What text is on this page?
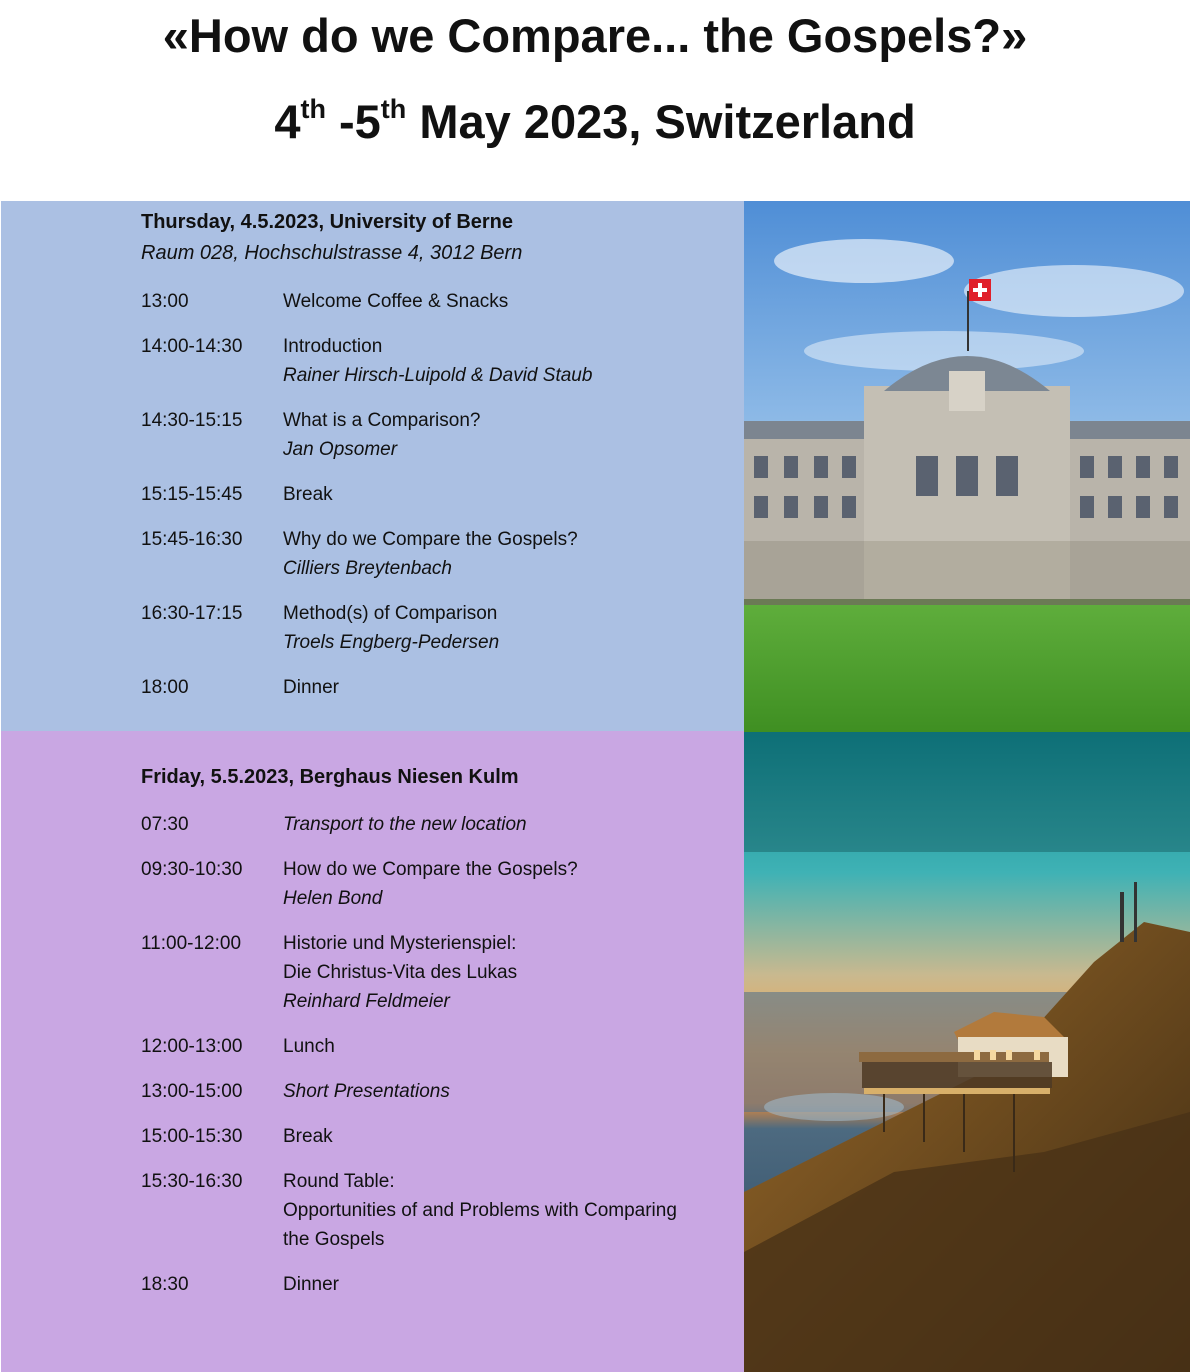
«How do we Compare... the Gospels?»
4th -5th May 2023, Switzerland
Thursday, 4.5.2023, University of Berne
Raum 028, Hochschulstrasse 4, 3012 Bern
13:00	Welcome Coffee & Snacks
14:00-14:30	Introduction
Rainer Hirsch-Luipold & David Staub
14:30-15:15	What is a Comparison?
Jan Opsomer
15:15-15:45	Break
15:45-16:30	Why do we Compare the Gospels?
Cilliers Breytenbach
16:30-17:15	Method(s) of Comparison
Troels Engberg-Pedersen
18:00	Dinner
Friday, 5.5.2023, Berghaus Niesen Kulm
07:30	Transport to the new location
09:30-10:30	How do we Compare the Gospels?
Helen Bond
11:00-12:00	Historie und Mysterienspiel:
Die Christus-Vita des Lukas
Reinhard Feldmeier
12:00-13:00	Lunch
13:00-15:00	Short Presentations
15:00-15:30	Break
15:30-16:30	Round Table:
Opportunities of and Problems with Comparing
the Gospels
18:30	Dinner
